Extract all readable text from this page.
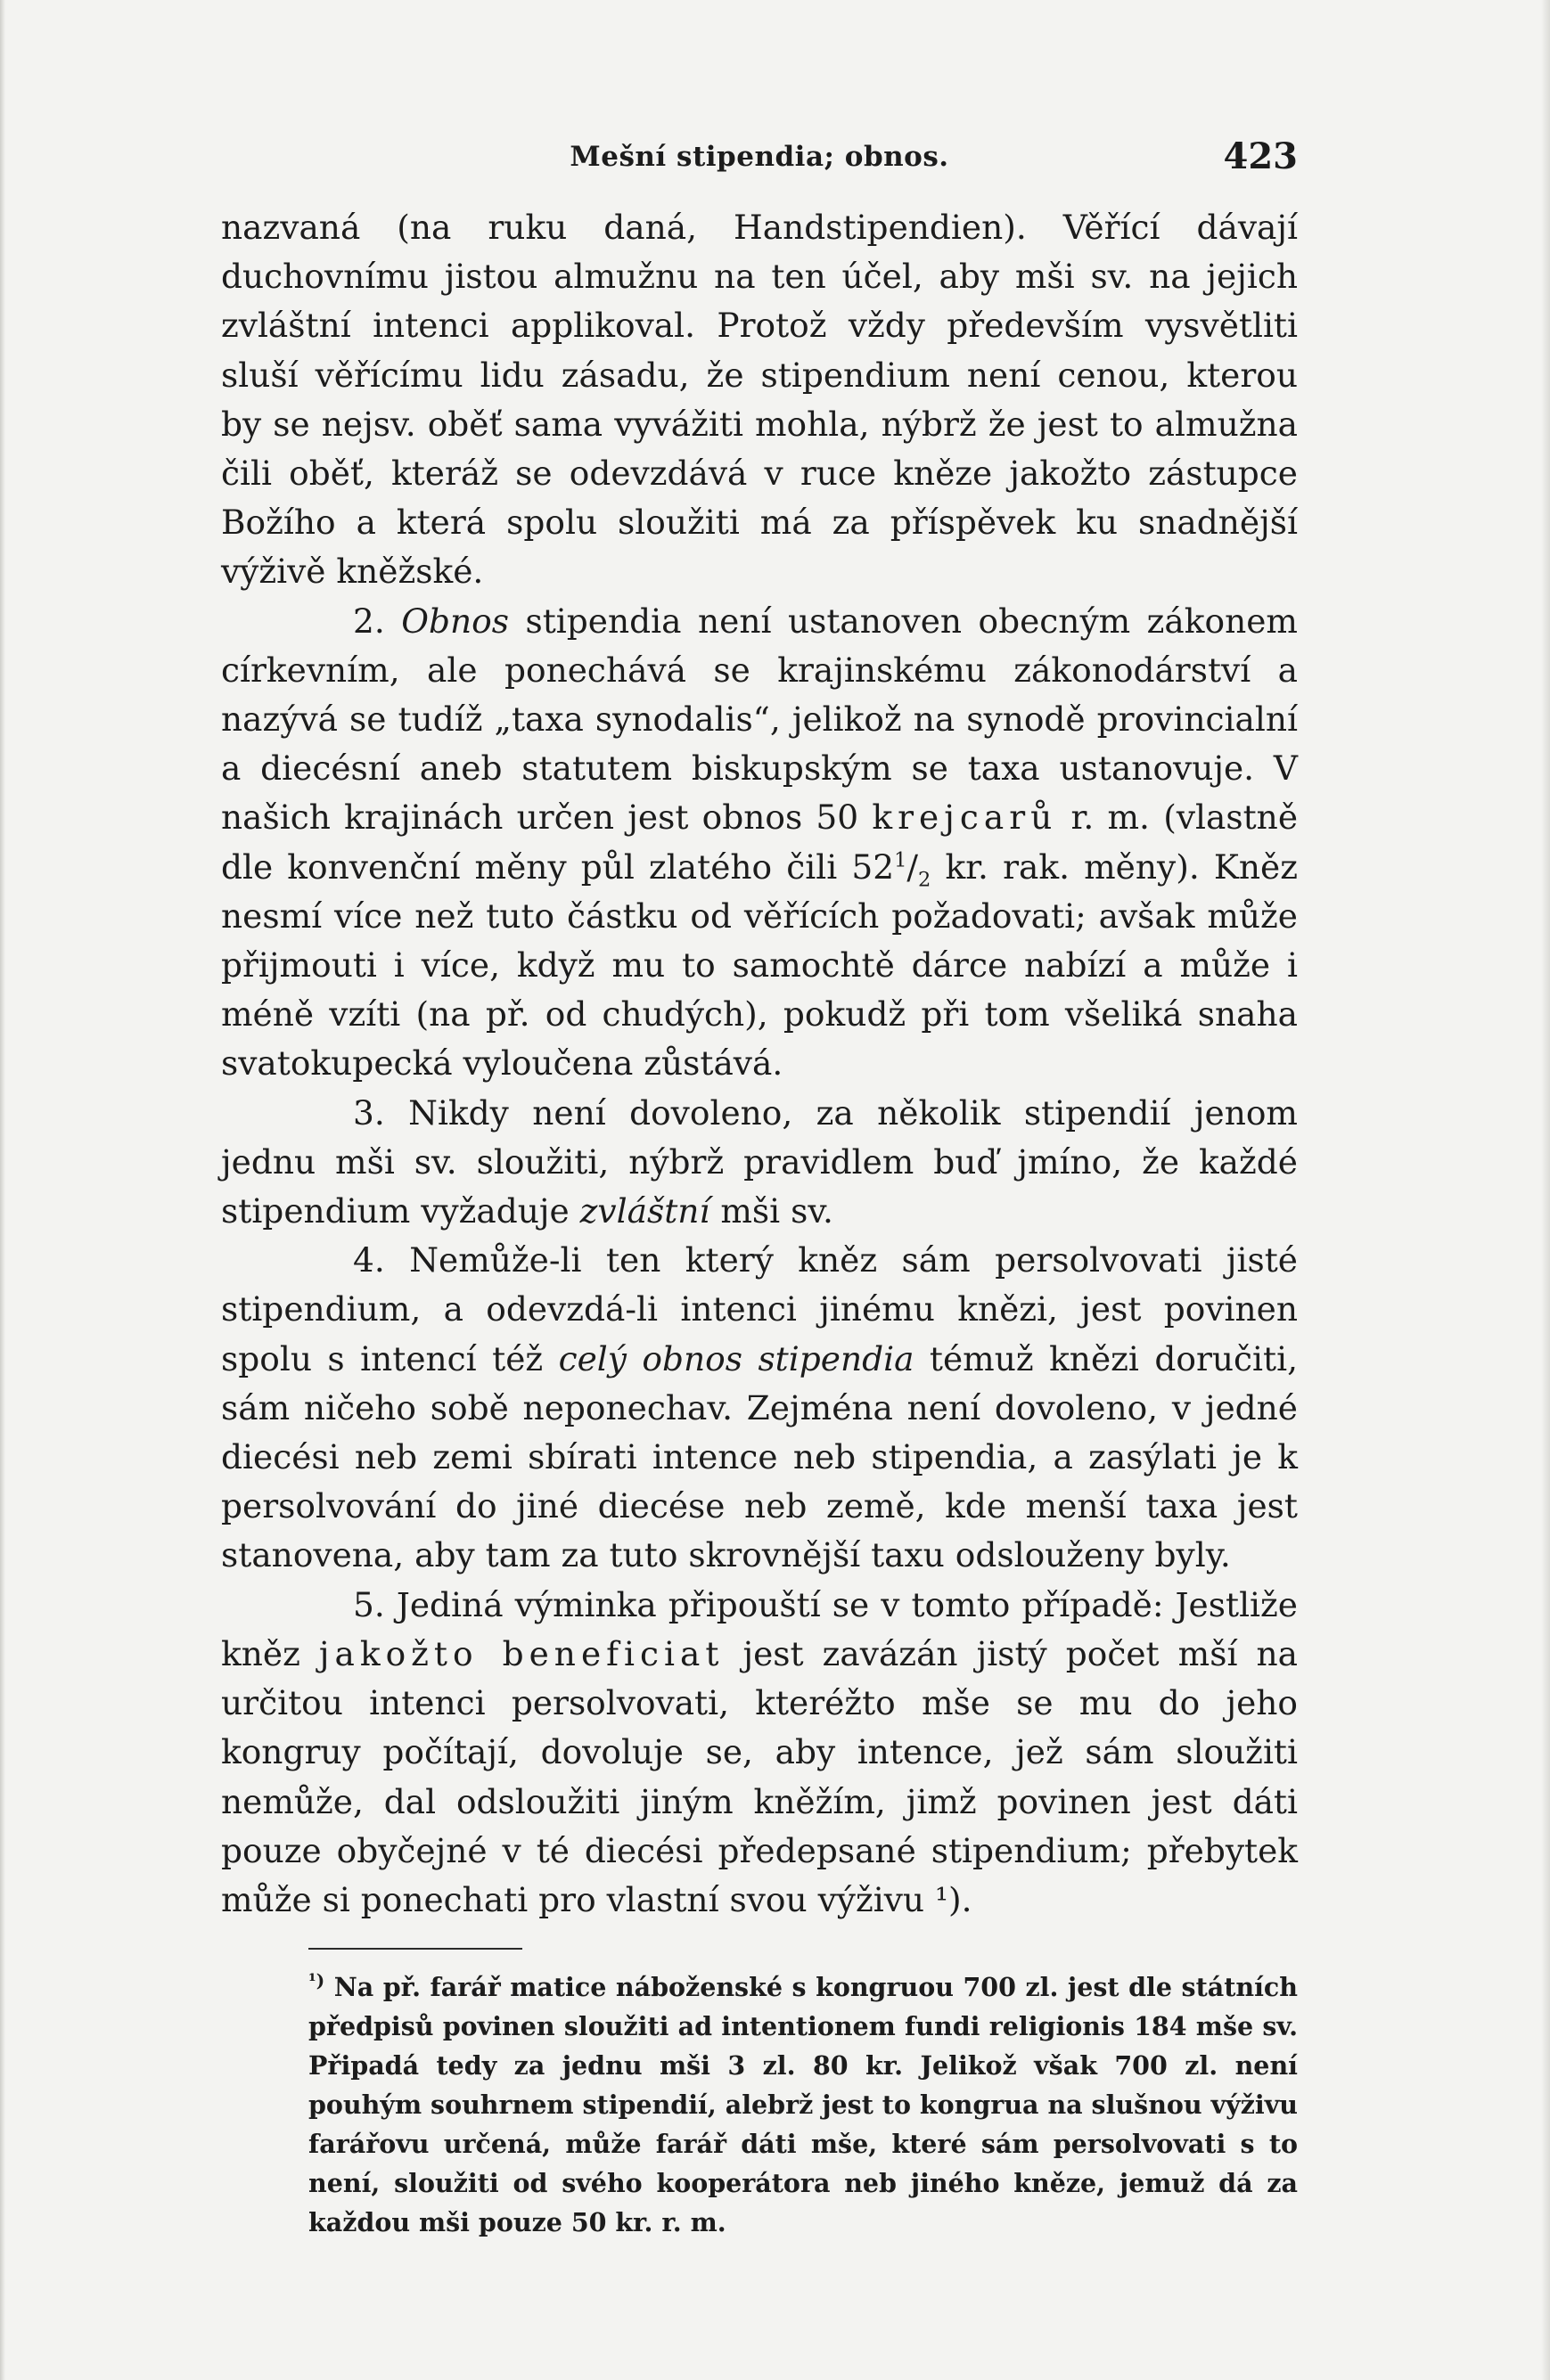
Mešní stipendia; obnos.	423

nazvaná (na ruku daná, Handstipendien). Věřící dávají duchovnímu jistou almužnu na ten účel, aby mši sv. na jejich zvláštní intenci applikoval. Protož vždy především vysvětliti sluší věřícímu lidu zásadu, že stipendium není cenou, kterou by se nejsv. oběť sama vyvážiti mohla, nýbrž že jest to almužna čili oběť, kteráž se odevzdává v ruce kněze jakožto zástupce Božího a která spolu sloužiti má za příspěvek ku snadnější výživě kněžské.

2. Obnos stipendia není ustanoven obecným zákonem církevním, ale ponechává se krajinskému zákonodárství a nazývá se tudíž „taxa synodalis“, jelikož na synodě provincialní a diecésní aneb statutem biskupským se taxa ustanovuje. V našich krajinách určen jest obnos 50 krejcarů r. m. (vlastně dle konvenční měny půl zlatého čili $52^1/_2$ kr. rak. měny). Kněz nesmí více než tuto částku od věřících požadovati; avšak může přijmouti i více, když mu to samochtě dárce nabízí a může i méně vzíti (na př. od chudých), pokudž při tom všeliká snaha svatokupecká vyloučena zůstává.

3. Nikdy není dovoleno, za několik stipendií jenom jednu mši sv. sloužiti, nýbrž pravidlem buď jmíno, že každé stipendium vyžaduje zvláštní mši sv.

4. Nemůže-li ten který kněz sám persolvovati jisté stipendium, a odevzdá-li intenci jinému knězi, jest povinen spolu s intencí též celý obnos stipendia témuž knězi doručiti, sám ničeho sobě neponechav. Zejména není dovoleno, v jedné diecési neb zemi sbírati intence neb stipendia, a zasýlati je k persolvování do jiné diecése neb země, kde menší taxa jest stanovena, aby tam za tuto skrovnější taxu odslouženy byly.

5. Jediná výminka připouští se v tomto případě: Jestliže kněz jakožto beneficiat jest zavázán jistý počet mší na určitou intenci persolvovati, kteréžto mše se mu do jeho kongruy počítají, dovoluje se, aby intence, jež sám sloužiti nemůže, dal odsloužiti jiným kněžím, jimž povinen jest dáti pouze obyčejné v té diecési předepsané stipendium; přebytek může si ponechati pro vlastní svou výživu ¹).

$^{^1)}$ Na př. farář matice náboženské s kongruou 700 zl. jest dle státních předpisů povinen sloužiti ad intentionem fundi religionis 184 mše sv. Připadá tedy za jednu mši 3 zl. 80 kr. Jelikož však 700 zl. není pouhým souhrnem stipendií, alebrž jest to kongrua na slušnou výživu farářovu určená, může farář dáti mše, které sám persolvovati s to není, sloužiti od svého kooperátora neb jiného kněze, jemuž dá za každou mši pouze 50 kr. r. m.
